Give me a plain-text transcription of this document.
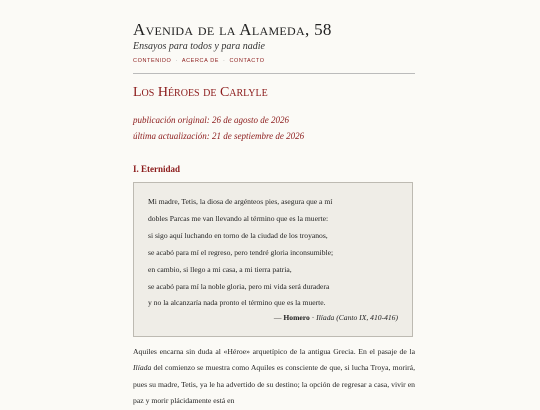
Avenida de la Alameda, 58
Ensayos para todos y para nadie
CONTENIDO · ACERCA DE · CONTACTO
Los Héroes de Carlyle
publicación original: 26 de agosto de 2026
última actualización: 21 de septiembre de 2026
I. Eternidad
Mi madre, Tetis, la diosa de argénteos pies, asegura que a mí
dobles Parcas me van llevando al término que es la muerte:
si sigo aquí luchando en torno de la ciudad de los troyanos,
se acabó para mí el regreso, pero tendré gloria inconsumible;
en cambio, si llego a mi casa, a mi tierra patria,
se acabó para mí la noble gloria, pero mi vida será duradera
y no la alcanzaría nada pronto el término que es la muerte.
— Homero · Ilíada (Canto IX, 410-416)
Aquiles encarna sin duda al «Héroe» arquetípico de la antigua Grecia. En el pasaje de la Ilíada del comienzo se muestra como Aquiles es consciente de que, si lucha Troya, morirá, pues su madre, Tetis, ya le ha advertido de su destino; la opción de regresar a casa, vivir en paz y morir plácidamente está en
